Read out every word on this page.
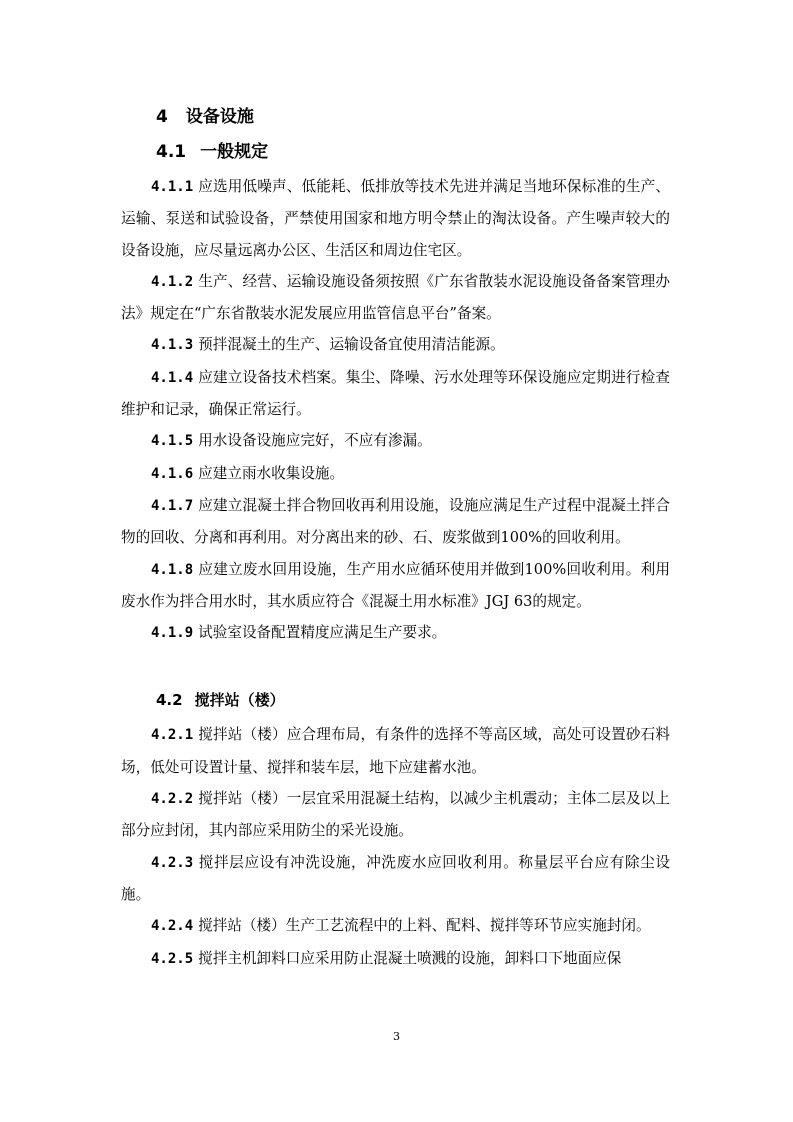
4 设备设施
4.1 一般规定

4.1.1 应选用低噪声、低能耗、低排放等技术先进并满足当地环保标准的生产、运输、泵送和试验设备，严禁使用国家和地方明令禁止的淘汰设备。产生噪声较大的设备设施，应尽量远离办公区、生活区和周边住宅区。

4.1.2 生产、经营、运输设施设备须按照《广东省散装水泥设施设备备案管理办法》规定在“广东省散装水泥发展应用监管信息平台”备案。

4.1.3 预拌混凝土的生产、运输设备宜使用清洁能源。

4.1.4 应建立设备技术档案。集尘、降噪、污水处理等环保设施应定期进行检查维护和记录，确保正常运行。

4.1.5 用水设备设施应完好，不应有渗漏。

4.1.6 应建立雨水收集设施。

4.1.7 应建立混凝土拌合物回收再利用设施，设施应满足生产过程中混凝土拌合物的回收、分离和再利用。对分离出来的砂、石、废浆做到100%的回收利用。

4.1.8 应建立废水回用设施，生产用水应循环使用并做到100%回收利用。利用废水作为拌合用水时，其水质应符合《混凝土用水标准》JGJ 63的规定。

4.1.9 试验室设备配置精度应满足生产要求。

4.2 搅拌站（楼）

4.2.1 搅拌站（楼）应合理布局，有条件的选择不等高区域，高处可设置砂石料场，低处可设置计量、搅拌和装车层，地下应建蓄水池。

4.2.2 搅拌站（楼）一层宜采用混凝土结构，以减少主机震动；主体二层及以上部分应封闭，其内部应采用防尘的采光设施。

4.2.3 搅拌层应设有冲洗设施，冲洗废水应回收利用。称量层平台应有除尘设施。

4.2.4 搅拌站（楼）生产工艺流程中的上料、配料、搅拌等环节应实施封闭。

4.2.5 搅拌主机卸料口应采用防止混凝土喷溅的设施，卸料口下地面应保

3
